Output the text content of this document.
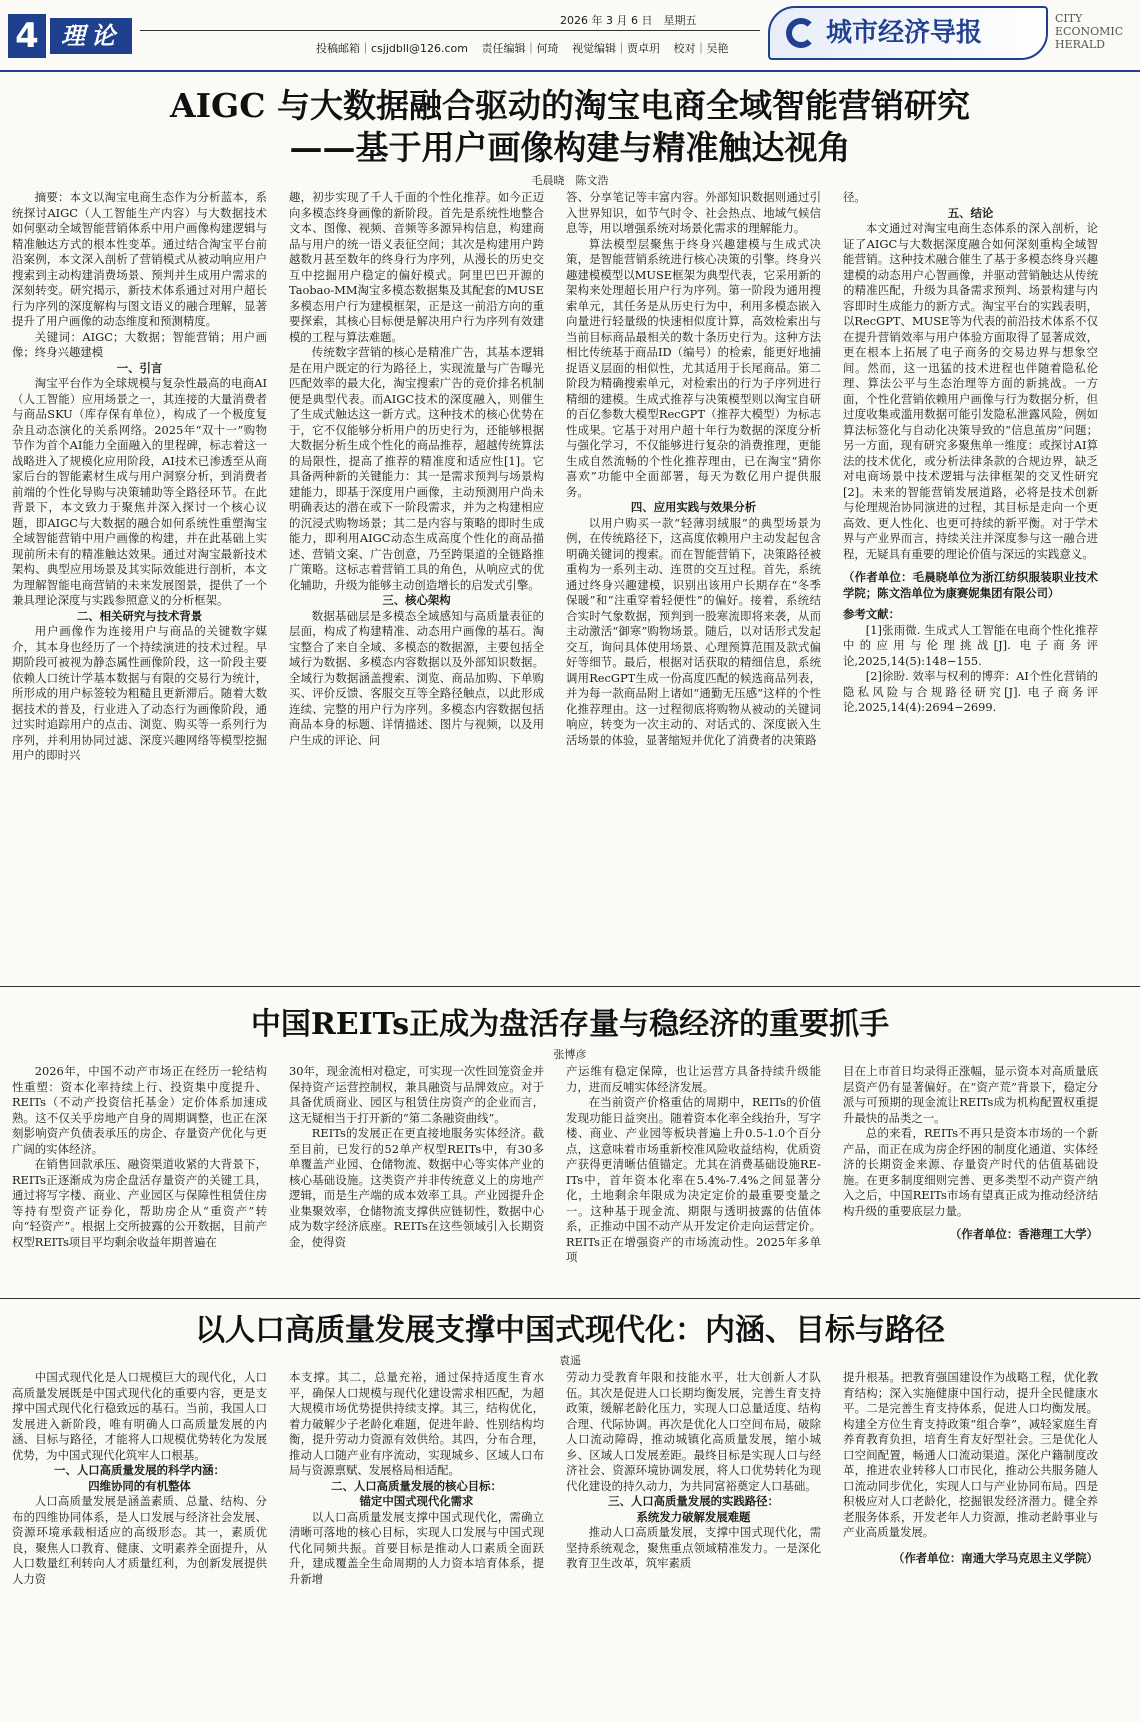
4 理论
2026 年 3 月 6 日　星期五
投稿邮箱｜csjjdbll@126.com 责任编辑｜何琦 视觉编辑｜贾卓玥 校对｜吴艳
城市经济导报	CITY ECONOMIC HERALD
AIGC 与大数据融合驱动的淘宝电商全域智能营销研究
——基于用户画像构建与精准触达视角
毛晨晓　陈文浩

摘要：本文以淘宝电商生态作为分析蓝本，系统探讨AIGC（人工智能生产内容）与大数据技术如何驱动全域智能营销体系中用户画像构建逻辑与精准触达方式的根本性变革。通过结合淘宝平台前沿案例，本文深入剖析了营销模式从被动响应用户搜索到主动构建消费场景、预判并生成用户需求的深刻转变。研究揭示，新技术体系通过对用户超长行为序列的深度解构与图文语义的融合理解，显著提升了用户画像的动态维度和预测精度。

关键词：AIGC；大数据；智能营销；用户画像；终身兴趣建模

一、引言

淘宝平台作为全球规模与复杂性最高的电商AI（人工智能）应用场景之一，其连接的大量消费者与商品SKU（库存保有单位），构成了一个极度复杂且动态演化的关系网络。2025年“双十一”购物节作为首个AI能力全面融入的里程碑，标志着这一战略进入了规模化应用阶段，AI技术已渗透至从商家后台的智能素材生成与用户洞察分析，到消费者前端的个性化导购与决策辅助等全路径环节。在此背景下，本文致力于聚焦并深入探讨一个核心议题，即AIGC与大数据的融合如何系统性重塑淘宝全域智能营销中用户画像的构建，并在此基础上实现前所未有的精准触达效果。通过对淘宝最新技术架构、典型应用场景及其实际效能进行剖析，本文为理解智能电商营销的未来发展图景，提供了一个兼具理论深度与实践参照意义的分析框架。

二、相关研究与技术背景

用户画像作为连接用户与商品的关键数字媒介，其本身也经历了一个持续演进的技术过程。早期阶段可被视为静态属性画像阶段，这一阶段主要依赖人口统计学基本数据与有限的交易行为统计，所形成的用户标签较为粗糙且更新滞后。随着大数据技术的普及，行业进入了动态行为画像阶段，通过实时追踪用户的点击、浏览、购买等一系列行为序列，并利用协同过滤、深度兴趣网络等模型挖掘用户的即时兴

趣，初步实现了千人千面的个性化推荐。如今正迈向多模态终身画像的新阶段。首先是系统性地整合文本、图像、视频、音频等多源异构信息，构建商品与用户的统一语义表征空间；其次是构建用户跨越数月甚至数年的终身行为序列，从漫长的历史交互中挖掘用户稳定的偏好模式。阿里巴巴开源的Taobao-MM淘宝多模态数据集及其配套的MUSE多模态用户行为建模框架，正是这一前沿方向的重要探索，其核心目标便是解决用户行为序列有效建模的工程与算法难题。

传统数字营销的核心是精准广告，其基本逻辑是在用户既定的行为路径上，实现流量与广告曝光匹配效率的最大化，淘宝搜索广告的竞价排名机制便是典型代表。而AIGC技术的深度融入，则催生了生成式触达这一新方式。这种技术的核心优势在于，它不仅能够分析用户的历史行为，还能够根据大数据分析生成个性化的商品推荐，超越传统算法的局限性，提高了推荐的精准度和适应性[1]。它具备两种新的关键能力：其一是需求预判与场景构建能力，即基于深度用户画像，主动预测用户尚未明确表达的潜在或下一阶段需求，并为之构建相应的沉浸式购物场景；其二是内容与策略的即时生成能力，即利用AIGC动态生成高度个性化的商品描述、营销文案、广告创意，乃至跨渠道的全链路推广策略。这标志着营销工具的角色，从响应式的优化辅助，升级为能够主动创造增长的启发式引擎。

三、核心架构

数据基础层是多模态全域感知与高质量表征的层面，构成了构建精准、动态用户画像的基石。淘宝整合了来自全域、多模态的数据源，主要包括全域行为数据、多模态内容数据以及外部知识数据。全域行为数据涵盖搜索、浏览、商品加购、下单购买、评价反馈、客服交互等全路径触点，以此形成连续、完整的用户行为序列。多模态内容数据包括商品本身的标题、详情描述、图片与视频，以及用户生成的评论、问

答、分享笔记等丰富内容。外部知识数据则通过引入世界知识，如节气时令、社会热点、地域气候信息等，用以增强系统对场景化需求的理解能力。

算法模型层聚焦于终身兴趣建模与生成式决策，是智能营销系统进行核心决策的引擎。终身兴趣建模模型以MUSE框架为典型代表，它采用新的架构来处理超长用户行为序列。第一阶段为通用搜索单元，其任务是从历史行为中，利用多模态嵌入向量进行轻量级的快速相似度计算，高效检索出与当前目标商品最相关的数十条历史行为。这种方法相比传统基于商品ID（编号）的检索，能更好地捕捉语义层面的相似性，尤其适用于长尾商品。第二阶段为精确搜索单元，对检索出的行为子序列进行精细的建模。生成式推荐与决策模型则以淘宝自研的百亿参数大模型RecGPT（推荐大模型）为标志性成果。它基于对用户超十年行为数据的深度分析与强化学习，不仅能够进行复杂的消费推理，更能生成自然流畅的个性化推荐理由，已在淘宝“猜你喜欢”功能中全面部署，每天为数亿用户提供服务。

四、应用实践与效果分析

以用户购买一款“轻薄羽绒服”的典型场景为例，在传统路径下，这高度依赖用户主动发起包含明确关键词的搜索。而在智能营销下，决策路径被重构为一系列主动、连贯的交互过程。首先，系统通过终身兴趣建模，识别出该用户长期存在“冬季保暖”和“注重穿着轻便性”的偏好。接着，系统结合实时气象数据，预判到一股寒流即将来袭，从而主动激活“御寒”购物场景。随后，以对话形式发起交互，询问具体使用场景、心理预算范围及款式偏好等细节。最后，根据对话获取的精细信息，系统调用RecGPT生成一份高度匹配的候选商品列表，并为每一款商品附上诸如“通勤无压感”这样的个性化推荐理由。这一过程彻底将购物从被动的关键词响应，转变为一次主动的、对话式的、深度嵌入生活场景的体验，显著缩短并优化了消费者的决策路

径。

五、结论

本文通过对淘宝电商生态体系的深入剖析，论证了AIGC与大数据深度融合如何深刻重构全域智能营销。这种技术融合催生了基于多模态终身兴趣建模的动态用户心智画像，并驱动营销触达从传统的精准匹配，升级为具备需求预判、场景构建与内容即时生成能力的新方式。淘宝平台的实践表明，以RecGPT、MUSE等为代表的前沿技术体系不仅在提升营销效率与用户体验方面取得了显著成效，更在根本上拓展了电子商务的交易边界与想象空间。然而，这一迅猛的技术进程也伴随着隐私伦理、算法公平与生态治理等方面的新挑战。一方面，个性化营销依赖用户画像与行为数据分析，但过度收集或滥用数据可能引发隐私泄露风险，例如算法标签化与自动化决策导致的“信息茧房”问题；另一方面，现有研究多聚焦单一维度：或探讨AI算法的技术优化，或分析法律条款的合规边界，缺乏对电商场景中技术逻辑与法律框架的交叉性研究[2]。未来的智能营销发展道路，必将是技术创新与伦理规治协同演进的过程，其目标是走向一个更高效、更人性化、也更可持续的新平衡。对于学术界与产业界而言，持续关注并深度参与这一融合进程，无疑具有重要的理论价值与深远的实践意义。

（作者单位：毛晨晓单位为浙江纺织服装职业技术学院；陈文浩单位为康赛妮集团有限公司）

参考文献：

[1]张雨微. 生成式人工智能在电商个性化推荐中的应用与伦理挑战[J]. 电子商务评论,2025,14(5):148−155.

[2]徐盼. 效率与权利的博弈：AI个性化营销的隐私风险与合规路径研究[J]. 电子商务评论,2025,14(4):2694−2699.

中国REITs正成为盘活存量与稳经济的重要抓手
张博彦

2026年，中国不动产市场正在经历一轮结构性重塑：资本化率持续上行、投资集中度提升、REITs（不动产投资信托基金）定价体系加速成熟。这不仅关乎房地产自身的周期调整，也正在深刻影响资产负债表承压的房企、存量资产优化与更广阔的实体经济。

在销售回款承压、融资渠道收紧的大背景下，REITs正逐渐成为房企盘活存量资产的关键工具，通过将写字楼、商业、产业园区与保障性租赁住房等持有型资产证券化，帮助房企从“重资产”转向“轻资产”。根据上交所披露的公开数据，目前产权型REITs项目平均剩余收益年期普遍在

30年，现金流相对稳定，可实现一次性回笼资金并保持资产运营控制权，兼具融资与品牌效应。对于具备优质商业、园区与租赁住房资产的企业而言，这无疑相当于打开新的“第二条融资曲线”。

REITs的发展正在更直接地服务实体经济。截至目前，已发行的52单产权型REITs中，有30多单覆盖产业园、仓储物流、数据中心等实体产业的核心基础设施。这类资产并非传统意义上的房地产逻辑，而是生产端的成本效率工具。产业园提升企业集聚效率，仓储物流支撑供应链韧性，数据中心成为数字经济底座。REITs在这些领域引入长期资金，使得资

产运维有稳定保障，也让运营方具备持续升级能力，进而反哺实体经济发展。

在当前资产价格重估的周期中，REITs的价值发现功能日益突出。随着资本化率全线抬升，写字楼、商业、产业园等板块普遍上升0.5-1.0个百分点，这意味着市场重新校准风险收益结构，优质资产获得更清晰估值锚定。尤其在消费基础设施RE-ITs中，首年资本化率在5.4%-7.4%之间显著分化，土地剩余年限成为决定定价的最重要变量之一。这种基于现金流、期限与透明披露的估值体系，正推动中国不动产从开发定价走向运营定价。REITs正在增强资产的市场流动性。2025年多单项

目在上市首日均录得正涨幅，显示资本对高质量底层资产仍有显著偏好。在“资产荒”背景下，稳定分派与可预期的现金流让REITs成为机构配置权重提升最快的品类之一。

总的来看，REITs不再只是资本市场的一个新产品，而正在成为房企纾困的制度化通道、实体经济的长期资金来源、存量资产时代的估值基础设施。在更多制度细则完善、更多类型不动产资产纳入之后，中国REITs市场有望真正成为推动经济结构升级的重要底层力量。

（作者单位：香港理工大学）

以人口高质量发展支撑中国式现代化：内涵、目标与路径
袁遥

中国式现代化是人口规模巨大的现代化，人口高质量发展既是中国式现代化的重要内容，更是支撑中国式现代化行稳致远的基石。当前，我国人口发展进入新阶段，唯有明确人口高质量发展的内涵、目标与路径，才能将人口规模优势转化为发展优势，为中国式现代化筑牢人口根基。

一、人口高质量发展的科学内涵：

四维协同的有机整体

人口高质量发展是涵盖素质、总量、结构、分布的四维协同体系，是人口发展与经济社会发展、资源环境承载相适应的高级形态。其一，素质优良，聚焦人口教育、健康、文明素养全面提升，从人口数量红利转向人才质量红利，为创新发展提供人力资

本支撑。其二，总量充裕，通过保持适度生育水平，确保人口规模与现代化建设需求相匹配，为超大规模市场优势提供持续支撑。其三，结构优化，着力破解少子老龄化难题，促进年龄、性别结构均衡，提升劳动力资源有效供给。其四，分布合理，推动人口随产业有序流动，实现城乡、区域人口布局与资源禀赋、发展格局相适配。

二、人口高质量发展的核心目标：

锚定中国式现代化需求

以人口高质量发展支撑中国式现代化，需确立清晰可落地的核心目标，实现人口发展与中国式现代化同频共振。首要目标是推动人口素质全面跃升，建成覆盖全生命周期的人力资本培育体系，提升新增

劳动力受教育年限和技能水平，壮大创新人才队伍。其次是促进人口长期均衡发展，完善生育支持政策，缓解老龄化压力，实现人口总量适度、结构合理、代际协调。再次是优化人口空间布局，破除人口流动障碍，推动城镇化高质量发展，缩小城乡、区域人口发展差距。最终目标是实现人口与经济社会、资源环境协调发展，将人口优势转化为现代化建设的持久动力，为共同富裕奠定人口基础。

三、人口高质量发展的实践路径：

系统发力破解发展难题

推动人口高质量发展，支撑中国式现代化，需坚持系统观念，聚焦重点领域精准发力。一是深化教育卫生改革，筑牢素质

提升根基。把教育强国建设作为战略工程，优化教育结构；深入实施健康中国行动，提升全民健康水平。二是完善生育支持体系，促进人口均衡发展。构建全方位生育支持政策“组合拳”，减轻家庭生育养育教育负担，培育生育友好型社会。三是优化人口空间配置，畅通人口流动渠道。深化户籍制度改革，推进农业转移人口市民化，推动公共服务随人口流动同步优化，实现人口与产业协同布局。四是积极应对人口老龄化，挖掘银发经济潜力。健全养老服务体系，开发老年人力资源，推动老龄事业与产业高质量发展。

（作者单位：南通大学马克思主义学院）
